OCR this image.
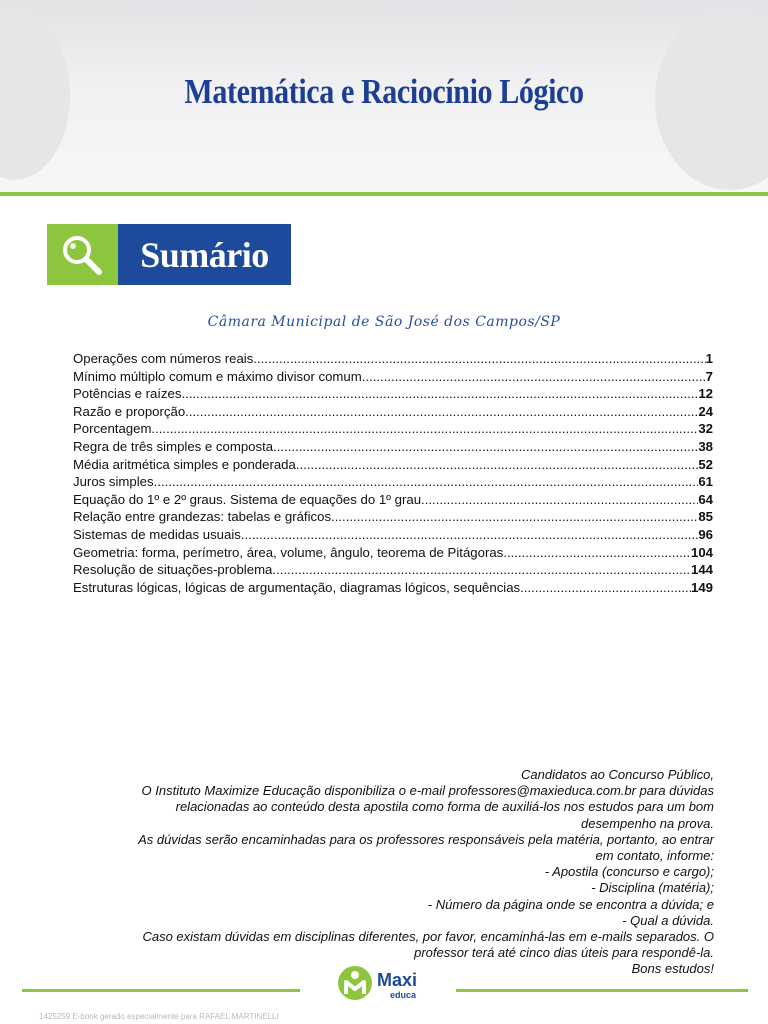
Matemática e Raciocínio Lógico
Sumário
Câmara Municipal de São José dos Campos/SP
Operações com números reais. .....	1
Mínimo múltiplo comum e máximo divisor comum. .....	7
Potências e raízes. .....	12
Razão e proporção. .....	24
Porcentagem. .....	32
Regra de três simples e composta. .....	38
Média aritmética simples e ponderada. .....	52
Juros simples. .....	61
Equação do 1º e 2º graus. Sistema de equações do 1º grau. .....	64
Relação entre grandezas: tabelas e gráficos. .....	85
Sistemas de medidas usuais .....	96
Geometria: forma, perímetro, área, volume, ângulo, teorema de Pitágoras. .....	104
Resolução de situações-problema. .....	144
Estruturas lógicas, lógicas de argumentação, diagramas lógicos, sequências. .....	149
Candidatos ao Concurso Público,
O Instituto Maximize Educação disponibiliza o e-mail professores@maxieduca.com.br para dúvidas
relacionadas ao conteúdo desta apostila como forma de auxiliá-los nos estudos para um bom
desempenho na prova.
As dúvidas serão encaminhadas para os professores responsáveis pela matéria, portanto, ao entrar
em contato, informe:
- Apostila (concurso e cargo);
- Disciplina (matéria);
- Número da página onde se encontra a dúvida; e
- Qual a dúvida.
Caso existam dúvidas em disciplinas diferentes, por favor, encaminhá-las em e-mails separados. O
professor terá até cinco dias úteis para respondê-la.
Bons estudos!
Maxi
educa
1425259 E-book gerado especialmente para RAFAEL MARTINELLI
